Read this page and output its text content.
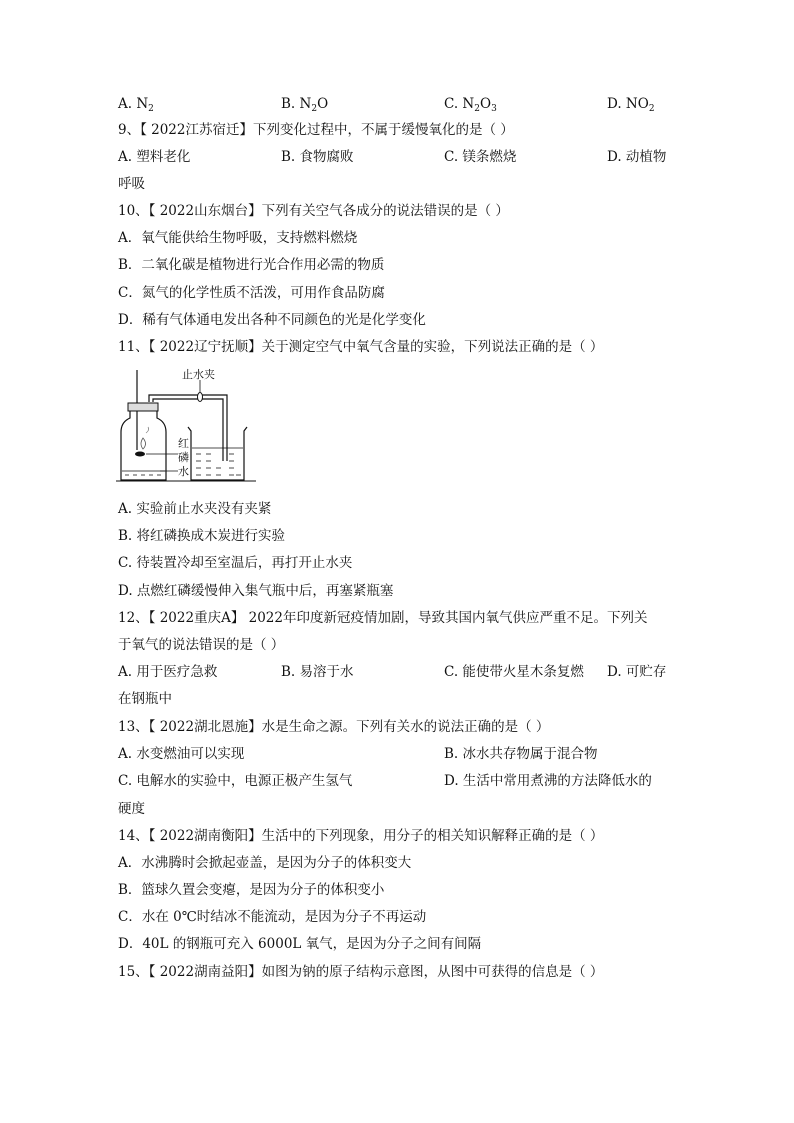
A. $N_2$	B. $N_2O$	C. $N_2O_3$	D. $NO_2$
9、【 2022江苏宿迁】下列变化过程中，不属于缓慢氧化的是（ ）
A. 塑料老化	B. 食物腐败	C. 镁条燃烧	D. 动植物
呼吸
10、【 2022山东烟台】下列有关空气各成分的说法错误的是（ ）
A．氧气能供给生物呼吸，支持燃料燃烧
B．二氧化碳是植物进行光合作用必需的物质
C．氮气的化学性质不活泼，可用作食品防腐
D．稀有气体通电发出各种不同颜色的光是化学变化
11、【 2022辽宁抚顺】关于测定空气中氧气含量的实验，下列说法正确的是（ ）
止水夹
红
磷
水
A. 实验前止水夹没有夹紧
B. 将红磷换成木炭进行实验
C. 待装置冷却至室温后，再打开止水夹
D. 点燃红磷缓慢伸入集气瓶中后，再塞紧瓶塞
12、【 2022重庆A】 2022年印度新冠疫情加剧，导致其国内氧气供应严重不足。下列关
于氧气的说法错误的是（ ）
A. 用于医疗急救	B. 易溶于水	C. 能使带火星木条复燃 D. 可贮存
在钢瓶中
13、【 2022湖北恩施】水是生命之源。下列有关水的说法正确的是（ ）
A. 水变燃油可以实现	B. 冰水共存物属于混合物
C. 电解水的实验中，电源正极产生氢气	D. 生活中常用煮沸的方法降低水的
硬度
14、【 2022湖南衡阳】生活中的下列现象，用分子的相关知识解释正确的是（ ）
A．水沸腾时会掀起壶盖，是因为分子的体积变大
B．篮球久置会变瘪，是因为分子的体积变小
C．水在 0℃时结冰不能流动，是因为分子不再运动
D．40L 的钢瓶可充入 6000L 氧气，是因为分子之间有间隔
15、【 2022湖南益阳】如图为钠的原子结构示意图，从图中可获得的信息是（ ）
